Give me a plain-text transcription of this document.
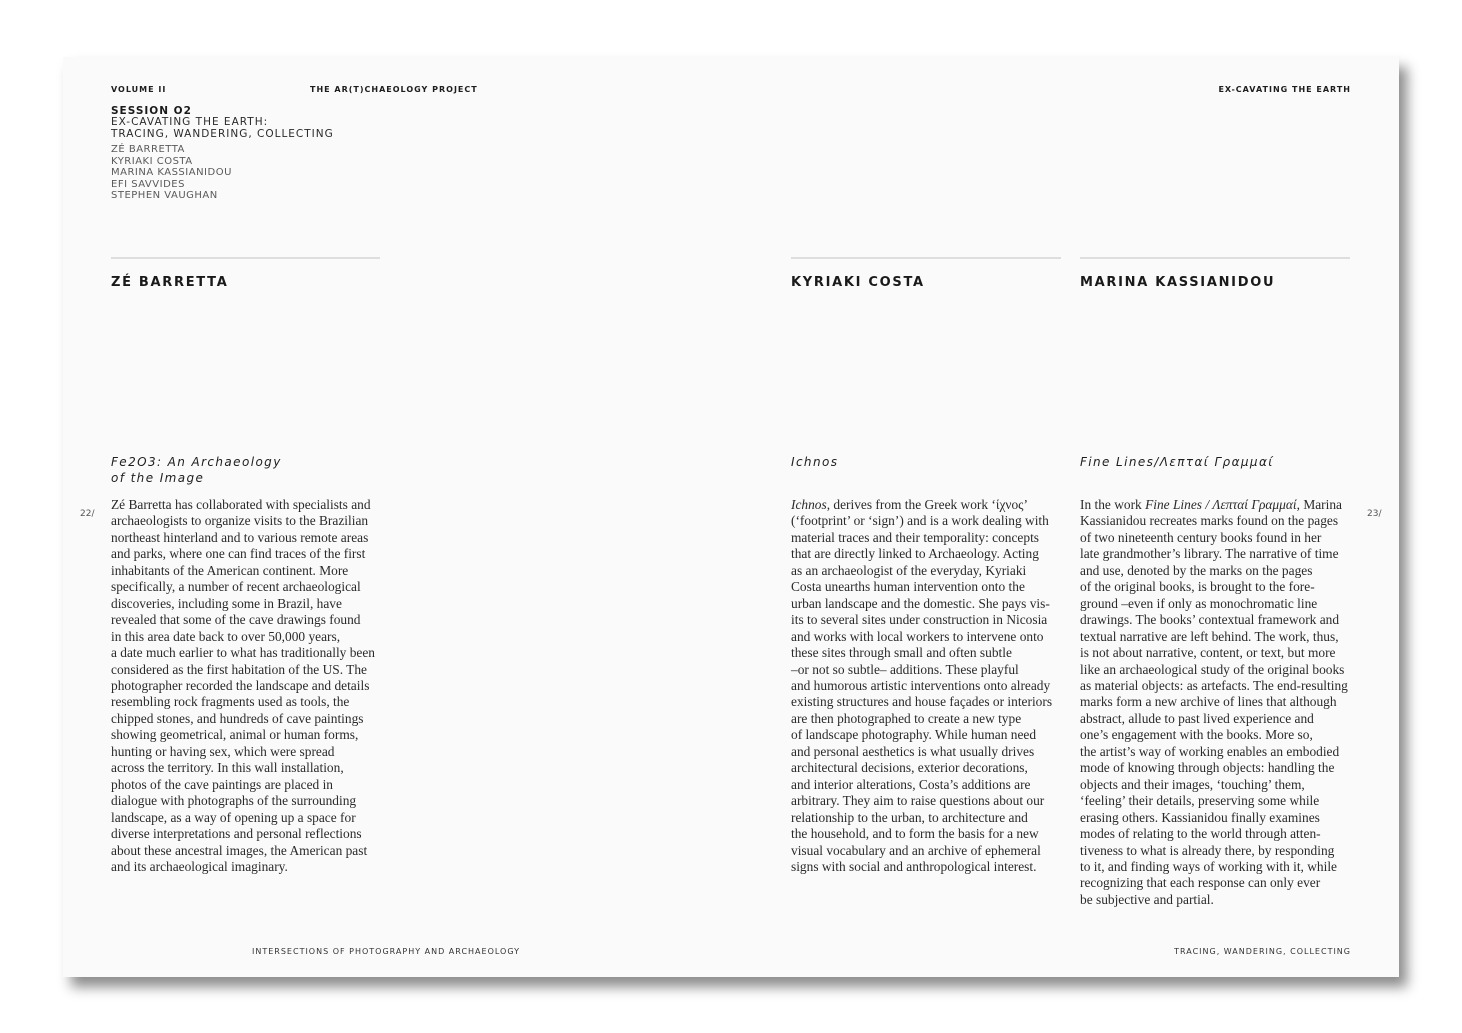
VOLUME II	THE AR(T)CHAEOLOGY PROJECT	EX-CAVATING THE EARTH
SESSION O2
EX-CAVATING THE EARTH:
TRACING, WANDERING, COLLECTING
ZÉ BARRETTA
KYRIAKI COSTA
MARINA KASSIANIDOU
EFI SAVVIDES
STEPHEN VAUGHAN
ZÉ BARRETTA	KYRIAKI COSTA	MARINA KASSIANIDOU
Fe2O3: An Archaeology
of the Image
Ichnos	Fine Lines/Λεπταί Γραμμαί
Zé Barretta has collaborated with specialists and
archaeologists to organize visits to the Brazilian
northeast hinterland and to various remote areas
and parks, where one can find traces of the first
inhabitants of the American continent. More
specifically, a number of recent archaeological
discoveries, including some in Brazil, have
revealed that some of the cave drawings found
in this area date back to over 50,000 years,
a date much earlier to what has traditionally been
considered as the first habitation of the US. The
photographer recorded the landscape and details
resembling rock fragments used as tools, the
chipped stones, and hundreds of cave paintings
showing geometrical, animal or human forms,
hunting or having sex, which were spread
across the territory. In this wall installation,
photos of the cave paintings are placed in
dialogue with photographs of the surrounding
landscape, as a way of opening up a space for
diverse interpretations and personal reflections
about these ancestral images, the American past
and its archaeological imaginary.
Ichnos, derives from the Greek work ‘ίχνος’
(‘footprint’ or ‘sign’) and is a work dealing with
material traces and their temporality: concepts
that are directly linked to Archaeology. Acting
as an archaeologist of the everyday, Kyriaki
Costa unearths human intervention onto the
urban landscape and the domestic. She pays vis-
its to several sites under construction in Nicosia
and works with local workers to intervene onto
these sites through small and often subtle
–or not so subtle– additions. These playful
and humorous artistic interventions onto already
existing structures and house façades or interiors
are then photographed to create a new type
of landscape photography. While human need
and personal aesthetics is what usually drives
architectural decisions, exterior decorations,
and interior alterations, Costa’s additions are
arbitrary. They aim to raise questions about our
relationship to the urban, to architecture and
the household, and to form the basis for a new
visual vocabulary and an archive of ephemeral
signs with social and anthropological interest.
In the work Fine Lines / Λεπταί Γραμμαί, Marina
Kassianidou recreates marks found on the pages
of two nineteenth century books found in her
late grandmother’s library. The narrative of time
and use, denoted by the marks on the pages
of the original books, is brought to the fore-
ground –even if only as monochromatic line
drawings. The books’ contextual framework and
textual narrative are left behind. The work, thus,
is not about narrative, content, or text, but more
like an archaeological study of the original books
as material objects: as artefacts. The end-resulting
marks form a new archive of lines that although
abstract, allude to past lived experience and
one’s engagement with the books. More so,
the artist’s way of working enables an embodied
mode of knowing through objects: handling the
objects and their images, ‘touching’ them,
‘feeling’ their details, preserving some while
erasing others. Kassianidou finally examines
modes of relating to the world through atten-
tiveness to what is already there, by responding
to it, and finding ways of working with it, while
recognizing that each response can only ever
be subjective and partial.
22/	23/
INTERSECTIONS OF PHOTOGRAPHY AND ARCHAEOLOGY	TRACING, WANDERING, COLLECTING
